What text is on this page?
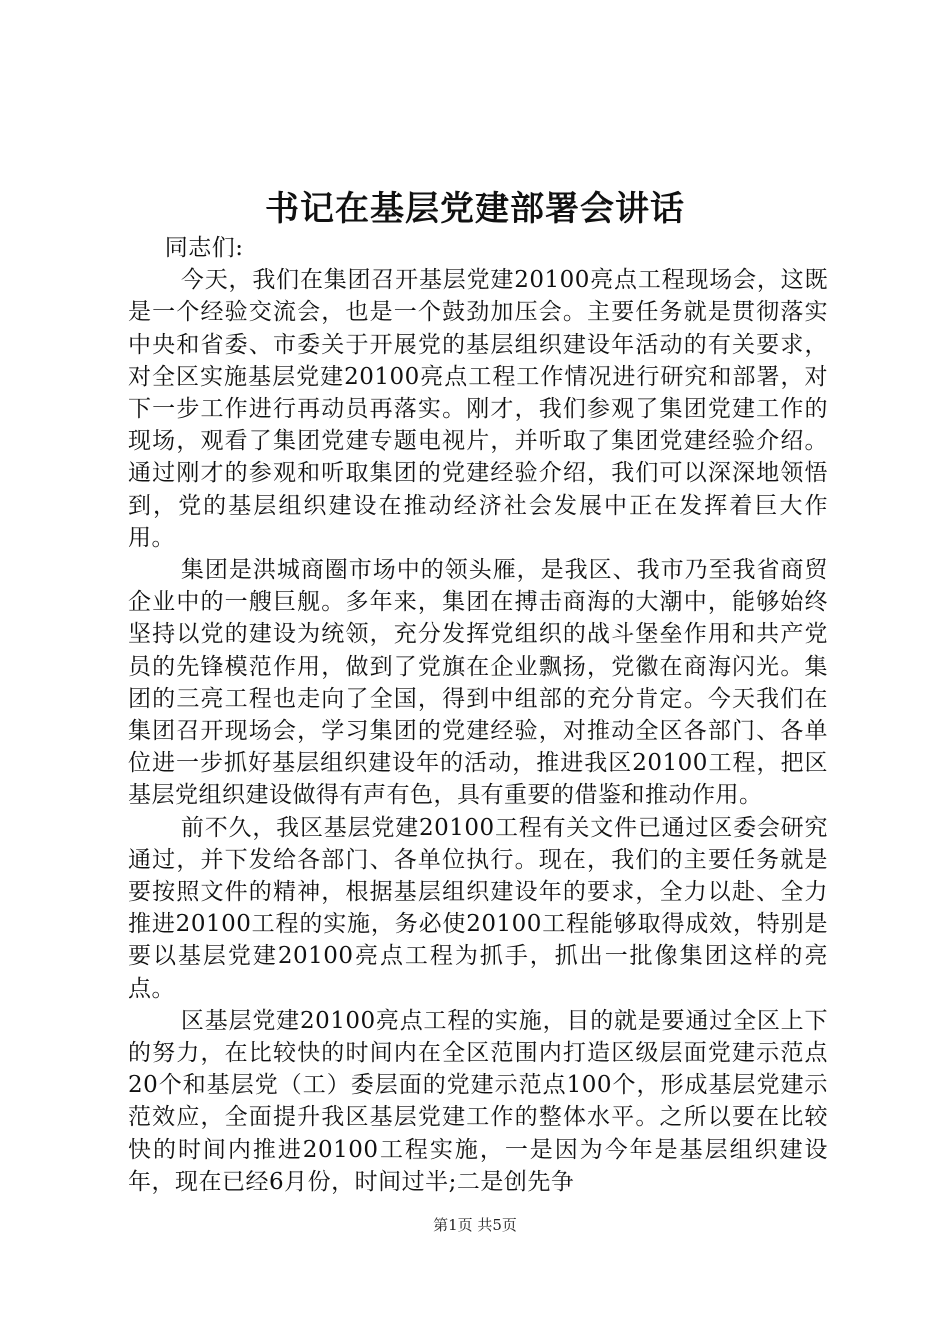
书记在基层党建部署会讲话

同志们:

今天，我们在集团召开基层党建20100亮点工程现场会，这既是一个经验交流会，也是一个鼓劲加压会。主要任务就是贯彻落实中央和省委、市委关于开展党的基层组织建设年活动的有关要求，对全区实施基层党建20100亮点工程工作情况进行研究和部署，对下一步工作进行再动员再落实。刚才，我们参观了集团党建工作的现场，观看了集团党建专题电视片，并听取了集团党建经验介绍。通过刚才的参观和听取集团的党建经验介绍，我们可以深深地领悟到，党的基层组织建设在推动经济社会发展中正在发挥着巨大作用。

集团是洪城商圈市场中的领头雁，是我区、我市乃至我省商贸企业中的一艘巨舰。多年来，集团在搏击商海的大潮中，能够始终坚持以党的建设为统领，充分发挥党组织的战斗堡垒作用和共产党员的先锋模范作用，做到了党旗在企业飘扬，党徽在商海闪光。集团的三亮工程也走向了全国，得到中组部的充分肯定。今天我们在集团召开现场会，学习集团的党建经验，对推动全区各部门、各单位进一步抓好基层组织建设年的活动，推进我区20100工程，把区基层党组织建设做得有声有色，具有重要的借鉴和推动作用。

前不久，我区基层党建20100工程有关文件已通过区委会研究通过，并下发给各部门、各单位执行。现在，我们的主要任务就是要按照文件的精神，根据基层组织建设年的要求，全力以赴、全力推进20100工程的实施，务必使20100工程能够取得成效，特别是要以基层党建20100亮点工程为抓手，抓出一批像集团这样的亮点。

区基层党建20100亮点工程的实施，目的就是要通过全区上下的努力，在比较快的时间内在全区范围内打造区级层面党建示范点20个和基层党（工）委层面的党建示范点100个，形成基层党建示范效应，全面提升我区基层党建工作的整体水平。之所以要在比较快的时间内推进20100工程实施，一是因为今年是基层组织建设年，现在已经6月份，时间过半;二是创先争

第1页 共5页
